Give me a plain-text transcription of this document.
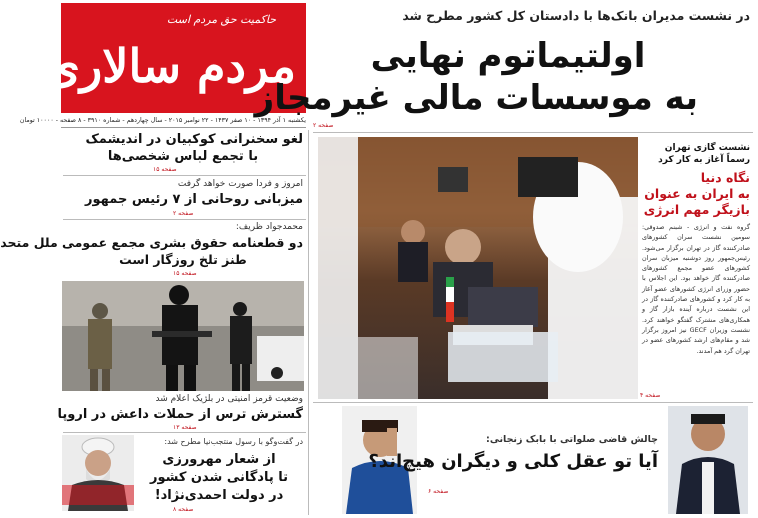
حاکمیت حق مردم است
مردم سالاری
یکشنبه ۱ آذر ۱۳۹۴ - ۱۰ صفر ۱۴۳۷ - ۲۲ نوامبر ۲۰۱۵ - سال چهاردهم - شماره ۳۹۱۰ - ۸ صفحه - ۱۰۰۰۰ تومان
در نشست مدیران بانک‌ها با دادستان کل کشور مطرح شد
اولتیماتوم نهایی
به موسسات مالی غیرمجاز
صفحه ۲
نشست گازی تهران
رسماً آغاز به کار کرد
نگاه دنیا
به ایران به عنوان
بازیگر مهم انرژی
گروه نفت و انرژی - شبنم صدوقی: سومین نشست سران کشورهای صادرکننده گاز در تهران برگزار می‌شود. رئیس‌جمهور روز دوشنبه میزبان سران کشورهای عضو مجمع کشورهای صادرکننده گاز خواهد بود. این اجلاس با حضور وزرای انرژی کشورهای عضو آغاز به کار کرد و کشورهای صادرکننده گاز در این نشست درباره آینده بازار گاز و همکاری‌های مشترک گفتگو خواهند کرد. نشست وزیران GECF نیز امروز برگزار شد و مقام‌های ارشد کشورهای عضو در تهران گرد هم آمدند.
صفحه ۴
چالش قاضی صلواتی با بابک زنجانی:
آیا تو عقل کلی و دیگران هیچ‌اند؟
صفحه ۶
لغو سخنرانی کوکبیان در اندیشمک
با تجمع لباس شخصی‌ها
صفحه ۱۵
امروز و فردا صورت خواهد گرفت
میزبانی روحانی از ۷ رئیس جمهور
صفحه ۲
محمدجواد ظریف:
دو قطعنامه حقوق بشری مجمع عمومی ملل متحد
طنز تلخ روزگار است
صفحه ۱۵
وضعیت قرمز امنیتی در بلژیک اعلام شد
گسترش ترس از حملات داعش در اروپا
صفحه ۱۳
در گفت‌وگو با رسول منتجب‌نیا مطرح شد:
از شعار مهرورزی
تا پادگانی شدن کشور
در دولت احمدی‌نژاد!
صفحه ۸
